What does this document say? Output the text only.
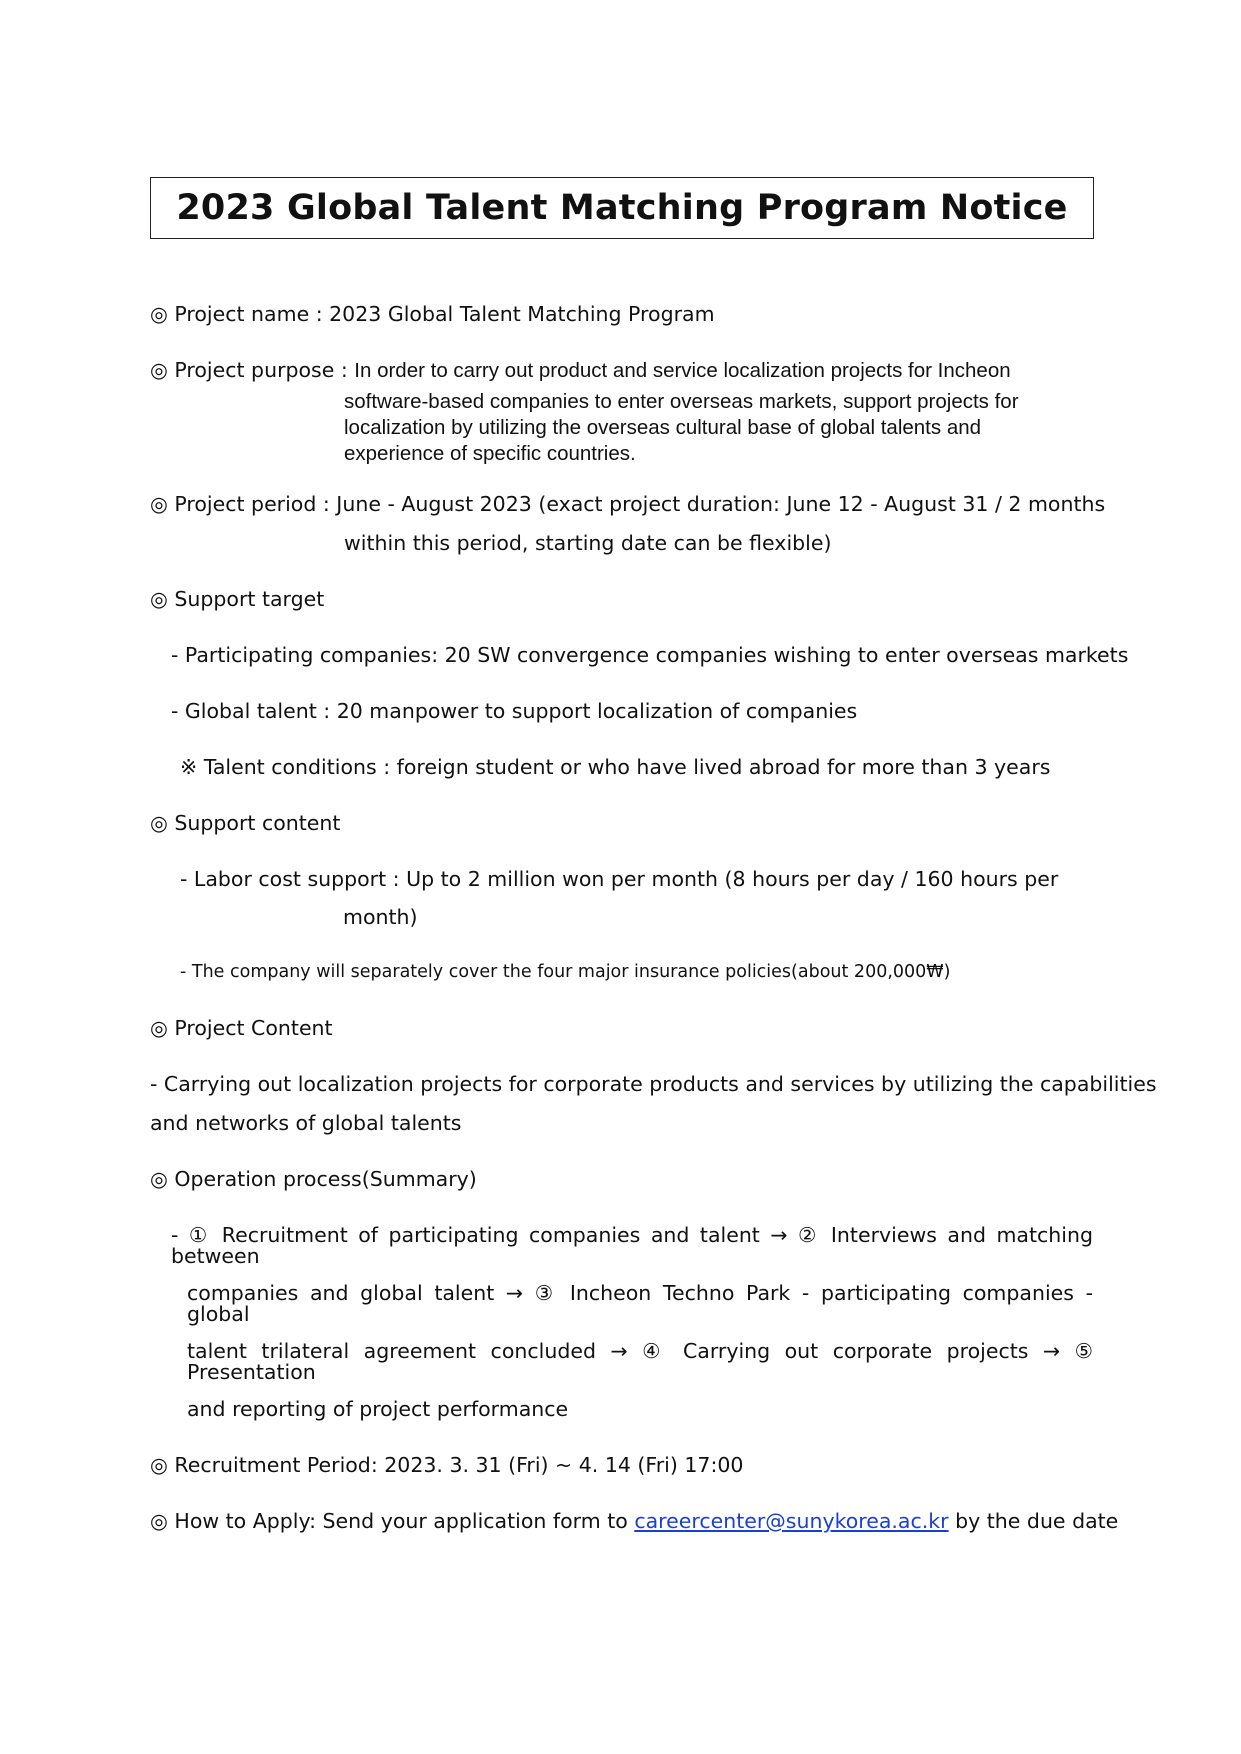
2023 Global Talent Matching Program Notice
◎ Project name : 2023 Global Talent Matching Program
◎ Project purpose : In order to carry out product and service localization projects for Incheon
software-based companies to enter overseas markets, support projects for
localization by utilizing the overseas cultural base of global talents and
experience of specific countries.
◎ Project period : June - August 2023 (exact project duration: June 12 - August 31 / 2 months
within this period, starting date can be flexible)
◎ Support target
- Participating companies: 20 SW convergence companies wishing to enter overseas markets
- Global talent : 20 manpower to support localization of companies
※ Talent conditions : foreign student or who have lived abroad for more than 3 years
◎ Support content
- Labor cost support : Up to 2 million won per month (8 hours per day / 160 hours per
month)
- The company will separately cover the four major insurance policies(about 200,000₩)
◎ Project Content
- Carrying out localization projects for corporate products and services by utilizing the capabilities
and networks of global talents
◎ Operation process(Summary)
- ① Recruitment of participating companies and talent → ② Interviews and matching between
companies and global talent → ③ Incheon Techno Park - participating companies - global
talent trilateral agreement concluded → ④ Carrying out corporate projects → ⑤ Presentation
and reporting of project performance
◎ Recruitment Period: 2023. 3. 31 (Fri) ~ 4. 14 (Fri) 17:00
◎ How to Apply: Send your application form to careercenter@sunykorea.ac.kr by the due date
